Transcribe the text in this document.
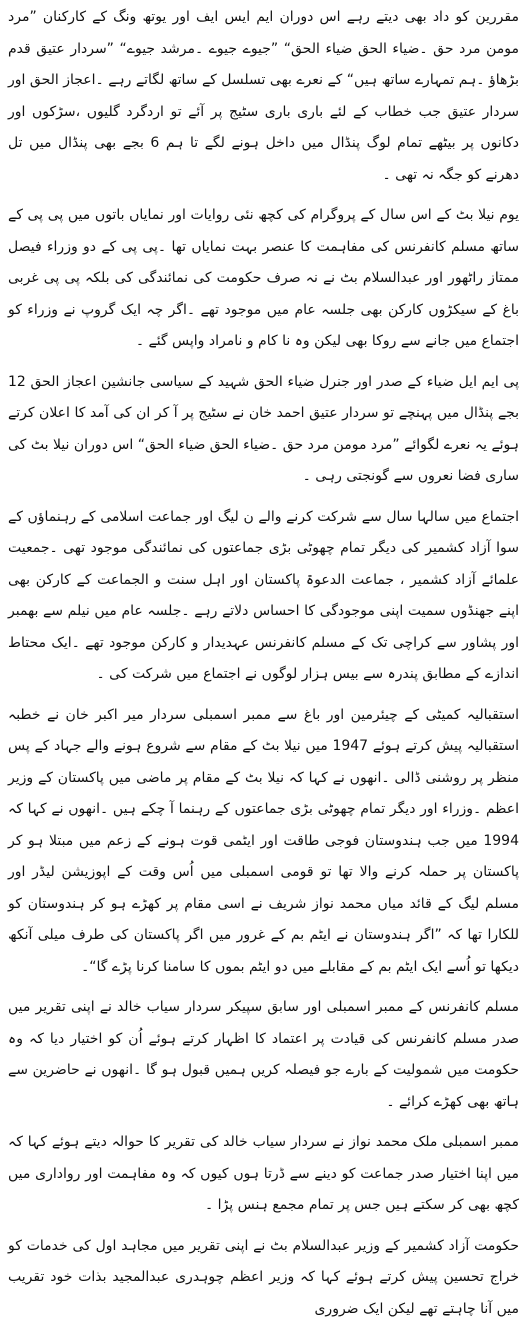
مقررین کو داد بھی دیتے رہے اس دوران ایم ایس ایف اور یوتھ ونگ کے کارکنان ”مرد مومن مرد حق ۔ضیاء الحق ضیاء الحق“ ”جیوے جیوے ۔مرشد جیوے“ ”سردار عتیق قدم بڑھاؤ ۔ہم تمہارے ساتھ ہیں“ کے نعرے بھی تسلسل کے ساتھ لگاتے رہے ۔اعجاز الحق اور سردار عتیق جب خطاب کے لئے باری باری سٹیج پر آئے تو اردگرد گلیوں ،سڑکوں اور دکانوں پر بیٹھے تمام لوگ پنڈال میں داخل ہونے لگے تا ہم 6 بجے بھی پنڈال میں تل دھرنے کو جگہ نہ تھی ۔

یوم نیلا بٹ کے اس سال کے پروگرام کی کچھ نئی روایات اور نمایاں باتوں میں پی پی کے ساتھ مسلم کانفرنس کی مفاہمت کا عنصر بہت نمایاں تھا ۔پی پی کے دو وزراء فیصل ممتاز راٹھور اور عبدالسلام بٹ نے نہ صرف حکومت کی نمائندگی کی بلکہ پی پی غربی باغ کے سیکڑوں کارکن بھی جلسہ عام میں موجود تھے ۔اگر چہ ایک گروپ نے وزراء کو اجتماع میں جانے سے روکا بھی لیکن وہ نا کام و نامراد واپس گئے ۔

پی ایم ایل ضیاء کے صدر اور جنرل ضیاء الحق شہید کے سیاسی جانشین اعجاز الحق 12 بجے پنڈال میں پہنچے تو سردار عتیق احمد خان نے سٹیج پر آ کر ان کی آمد کا اعلان کرتے ہوئے یہ نعرے لگوائے ”مرد مومن مرد حق ۔ضیاء الحق ضیاء الحق“ اس دوران نیلا بٹ کی ساری فضا نعروں سے گونجتی رہی ۔

اجتماع میں سالہا سال سے شرکت کرنے والے ن لیگ اور جماعت اسلامی کے رہنماؤں کے سوا آزاد کشمیر کی دیگر تمام چھوٹی بڑی جماعتوں کی نمائندگی موجود تھی ۔جمعیت علمائے آزاد کشمیر ، جماعت الدعوۃ پاکستان اور اہل سنت و الجماعت کے کارکن بھی اپنے جھنڈوں سمیت اپنی موجودگی کا احساس دلاتے رہے ۔جلسہ عام میں نیلم سے بھمبر اور پشاور سے کراچی تک کے مسلم کانفرنس عہدیدار و کارکن موجود تھے ۔ایک محتاط اندازے کے مطابق پندرہ سے بیس ہزار لوگوں نے اجتماع میں شرکت کی ۔

استقبالیہ کمیٹی کے چیئرمین اور باغ سے ممبر اسمبلی سردار میر اکبر خان نے خطبہ استقبالیہ پیش کرتے ہوئے 1947 میں نیلا بٹ کے مقام سے شروع ہونے والے جہاد کے پس منظر پر روشنی ڈالی ۔انھوں نے کہا کہ نیلا بٹ کے مقام پر ماضی میں پاکستان کے وزیر اعظم ۔وزراء اور دیگر تمام چھوٹی بڑی جماعتوں کے رہنما آ چکے ہیں ۔انھوں نے کہا کہ 1994 میں جب ہندوستان فوجی طاقت اور ایٹمی قوت ہونے کے زعم میں مبتلا ہو کر پاکستان پر حملہ کرنے والا تھا تو قومی اسمبلی میں اُس وقت کے اپوزیشن لیڈر اور مسلم لیگ کے قائد میاں محمد نواز شریف نے اسی مقام پر کھڑے ہو کر ہندوستان کو للکارا تھا کہ ”اگر ہندوستان نے ایٹم بم کے غرور میں اگر پاکستان کی طرف میلی آنکھ دیکھا تو اُسے ایک ایٹم بم کے مقابلے میں دو ایٹم بموں کا سامنا کرنا پڑے گا“۔

مسلم کانفرنس کے ممبر اسمبلی اور سابق سپیکر سردار سیاب خالد نے اپنی تقریر میں صدر مسلم کانفرنس کی قیادت پر اعتماد کا اظہار کرتے ہوئے اُن کو اختیار دیا کہ وہ حکومت میں شمولیت کے بارے جو فیصلہ کریں ہمیں قبول ہو گا ۔انھوں نے حاضرین سے ہاتھ بھی کھڑے کرائے ۔

ممبر اسمبلی ملک محمد نواز نے سردار سیاب خالد کی تقریر کا حوالہ دیتے ہوئے کہا کہ میں اپنا اختیار صدر جماعت کو دینے سے ڈرتا ہوں کیوں کہ وہ مفاہمت اور رواداری میں کچھ بھی کر سکتے ہیں جس پر تمام مجمع ہنس پڑا ۔

حکومت آزاد کشمیر کے وزیر عبدالسلام بٹ نے اپنی تقریر میں مجاہد اول کی خدمات کو خراج تحسین پیش کرتے ہوئے کہا کہ وزیر اعظم چوہدری عبدالمجید بذات خود تقریب میں آنا چاہتے تھے لیکن ایک ضروری
